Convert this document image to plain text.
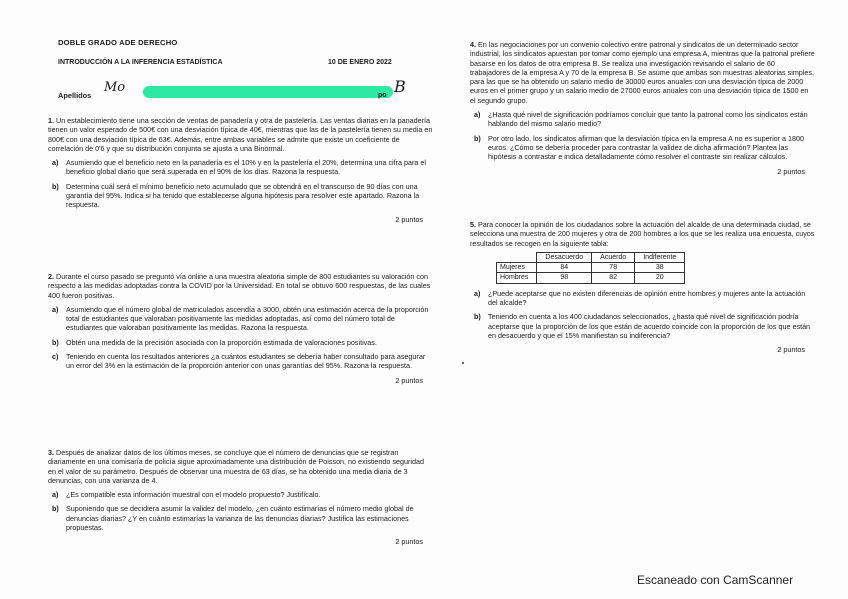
DOBLE GRADO ADE DERECHO
INTRODUCCIÓN A LA INFERENCIA ESTADÍSTICA	10 DE ENERO 2022
Apellidos
Mo
po B

1. Un establecimiento tiene una sección de ventas de panadería y otra de pastelería. Las ventas diarias en la panadería tienen un valor esperado de 500€ con una desviación típica de 40€, mientras que las de la pastelería tienen su media en 800€ con una desviación típica de 63€. Además, entre ambas variables se admite que existe un coeficiente de correlación de 0'6 y que su distribución conjunta se ajusta a una Binormal.

a) Asumiendo que el beneficio neto en la panadería es el 10% y en la pastelería el 20%, determina una cifra para el beneficio global diario que será superada en el 90% de los días. Razona la respuesta.
b) Determina cuál será el mínimo beneficio neto acumulado que se obtendrá en el transcurso de 90 días con una garantía del 95%. Indica si ha tenido que establecerse alguna hipótesis para resolver este apartado. Razona la respuesta.
2 puntos

2. Durante el curso pasado se preguntó vía online a una muestra aleatoria simple de 800 estudiantes su valoración con respecto a las medidas adoptadas contra la COVID por la Universidad. En total se obtuvo 600 respuestas, de las cuales 400 fueron positivas.

a) Asumiendo que el número global de matriculados ascendía a 3000, obtén una estimación acerca de la proporción total de estudiantes que valoraban positivamente las medidas adoptadas, así como del número total de estudiantes que valoraban positivamente las medidas. Razona la respuesta.
b) Obtén una medida de la precisión asociada con la proporción estimada de valoraciones positivas.
c) Teniendo en cuenta los resultados anteriores ¿a cuántos estudiantes se debería haber consultado para asegurar un error del 3% en la estimación de la proporción anterior con unas garantías del 95%. Razona la respuesta.
2 puntos

3. Después de analizar datos de los últimos meses, se concluye que el número de denuncias que se registran diariamente en una comisaría de policía sigue aproximadamente una distribución de Poisson, no existiendo seguridad en el valor de su parámetro. Después de observar una muestra de 63 días, se ha obtenido una media diaria de 3 denuncias, con una varianza de 4.

a) ¿Es compatible esta información muestral con el modelo propuesto? Justifícalo.
b) Suponiendo que se decidiera asumir la validez del modelo, ¿en cuánto estimarías el número medio global de denuncias diarias? ¿Y en cuánto estimarías la varianza de las denuncias diarias? Justifica las estimaciones propuestas.
2 puntos

4. En las negociaciones por un convenio colectivo entre patronal y sindicatos de un determinado sector industrial, los sindicatos apuestan por tomar como ejemplo una empresa A, mientras que la patronal prefiere basarse en los datos de otra empresa B. Se realiza una investigación revisando el salario de 60 trabajadores de la empresa A y 70 de la empresa B. Se asume que ambas son muestras aleatorias simples, para las que se ha obtenido un salario medio de 30000 euros anuales con una desviación típica de 2000 euros en el primer grupo y un salario medio de 27000 euros anuales con una desviación típica de 1500 en el segundo grupo.

a) ¿Hasta qué nivel de significación podríamos concluir que tanto la patronal como los sindicatos están hablando del mismo salario medio?
b) Por otro lado, los sindicatos afirman que la desviación típica en la empresa A no es superior a 1800 euros. ¿Cómo se debería proceder para contrastar la validez de dicha afirmación? Plantea las hipótesis a contrastar e indica detalladamente cómo resolver el contraste sin realizar cálculos.
2 puntos

5. Para conocer la opinión de los ciudadanos sobre la actuación del alcalde de una determinada ciudad, se selecciona una muestra de 200 mujeres y otra de 200 hombres a los que se les realiza una encuesta, cuyos resultados se recogen en la siguiente tabla:

	Desacuerdo	Acuerdo	Indiferente
Mujeres	84	78	38
Hombres	98	82	20
a) ¿Puede aceptarse que no existen diferencias de opinión entre hombres y mujeres ante la actuación del alcalde?
b) Teniendo en cuenta a los 400 ciudadanos seleccionados, ¿hasta qué nivel de significación podría aceptarse que la proporción de los que están de acuerdo coincide con la proporción de los que están en desacuerdo y que el 15% manifiestan su indiferencia?
2 puntos
Escaneado con CamScanner
